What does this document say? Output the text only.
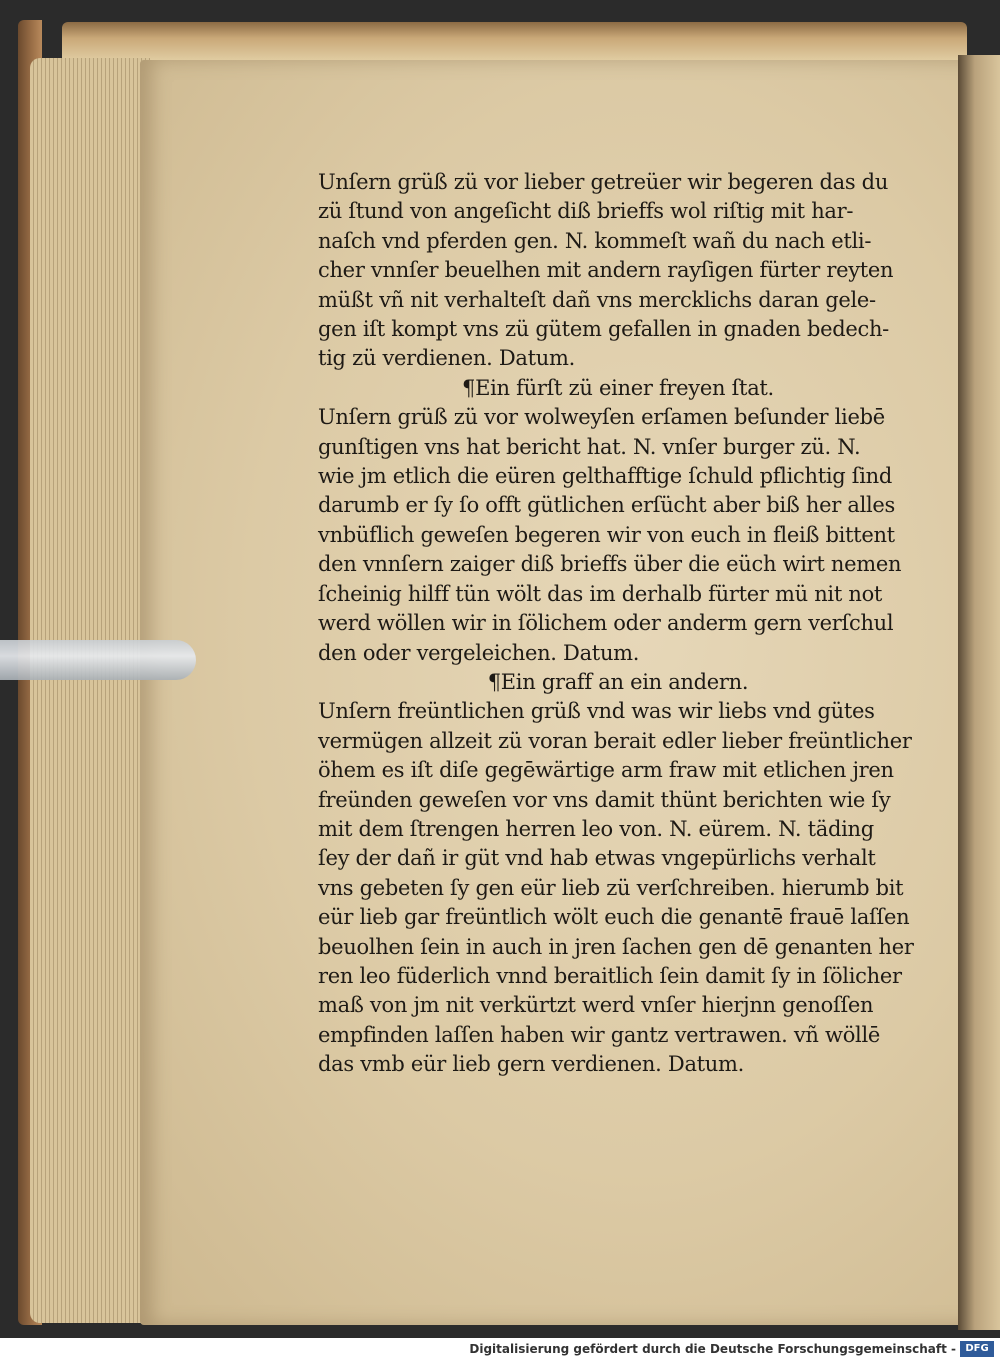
Unſern grüß zü vor lieber getreüer wir begeren das du
zü ſtund von angeſicht diß brieffs wol riſtig mit har-
naſch vnd pferden gen. N. kommeſt wañ du nach etli-
cher vnnſer beuelhen mit andern rayſigen fürter reyten
müßt vñ nit verhalteſt dañ vns mercklichs daran gele-
gen iſt kompt vns zü gütem gefallen in gnaden bedech-
tig zü verdienen. Datum.

¶Ein fürſt zü einer freyen ſtat.

Unſern grüß zü vor wolweyſen erſamen beſunder liebē
gunſtigen vns hat bericht hat. N. vnſer burger zü. N.
wie jm etlich die eüren gelthafftige ſchuld pflichtig ſind
darumb er ſy ſo offt gütlichen erſücht aber biß her alles
vnbüflich geweſen begeren wir von euch in fleiß bittent
den vnnſern zaiger diß brieffs über die eüch wirt nemen
ſcheinig hilff tün wölt das im derhalb fürter mü nit not
werd wöllen wir in ſölichem oder anderm gern verſchul
den oder vergeleichen. Datum.

¶Ein graff an ein andern.

Unſern freüntlichen grüß vnd was wir liebs vnd gütes
vermügen allzeit zü voran berait edler lieber freüntlicher
öhem es iſt diſe gegēwärtige arm fraw mit etlichen jren
freünden geweſen vor vns damit thünt berichten wie ſy
mit dem ſtrengen herren leo von. N. eürem. N. täding
ſey der dañ ir güt vnd hab etwas vngepürlichs verhalt
vns gebeten ſy gen eür lieb zü verſchreiben. hierumb bit
eür lieb gar freüntlich wölt euch die genantē frauē laſſen
beuolhen ſein in auch in jren ſachen gen dē genanten her
ren leo füderlich vnnd beraitlich ſein damit ſy in ſölicher
maß von jm nit verkürtzt werd vnſer hierjnn genoſſen
empfinden laſſen haben wir gantz vertrawen. vñ wöllē
das vmb eür lieb gern verdienen. Datum.

Digitalisierung gefördert durch die Deutsche Forschungsgemeinschaft - DFG
